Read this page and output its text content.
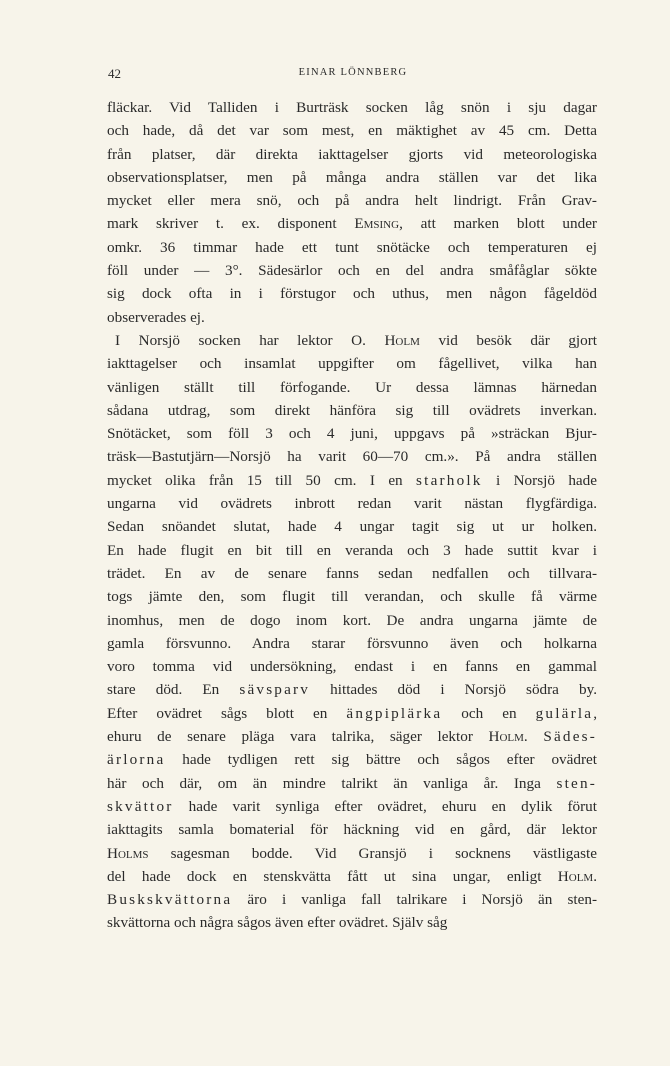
42	EINAR LÖNNBERG
fläckar. Vid Talliden i Burträsk socken låg snön i sju dagar
och hade, då det var som mest, en mäktighet av 45 cm. Detta
från platser, där direkta iakttagelser gjorts vid meteorologiska
observationsplatser, men på många andra ställen var det lika
mycket eller mera snö, och på andra helt lindrigt. Från Grav-
mark skriver t. ex. disponent Emsing, att marken blott under
omkr. 36 timmar hade ett tunt snötäcke och temperaturen ej
föll under — 3°. Sädesärlor och en del andra småfåglar sökte
sig dock ofta in i förstugor och uthus, men någon fågeldöd
observerades ej.
I Norsjö socken har lektor O. Holm vid besök där gjort
iakttagelser och insamlat uppgifter om fågellivet, vilka han
vänligen ställt till förfogande. Ur dessa lämnas härnedan
sådana utdrag, som direkt hänföra sig till ovädrets inverkan.
Snötäcket, som föll 3 och 4 juni, uppgavs på »sträckan Bjur-
träsk—Bastutjärn—Norsjö ha varit 60—70 cm.». På andra ställen
mycket olika från 15 till 50 cm. I en starholk i Norsjö hade
ungarna vid ovädrets inbrott redan varit nästan flygfärdiga.
Sedan snöandet slutat, hade 4 ungar tagit sig ut ur holken.
En hade flugit en bit till en veranda och 3 hade suttit kvar i
trädet. En av de senare fanns sedan nedfallen och tillvara-
togs jämte den, som flugit till verandan, och skulle få värme
inomhus, men de dogo inom kort. De andra ungarna jämte de
gamla försvunno. Andra starar försvunno även och holkarna
voro tomma vid undersökning, endast i en fanns en gammal
stare död. En sävsparv hittades död i Norsjö södra by.
Efter ovädret sågs blott en ängpiplärka och en gulärla,
ehuru de senare pläga vara talrika, säger lektor Holm. Sädes-
ärlorna hade tydligen rett sig bättre och sågos efter ovädret
här och där, om än mindre talrikt än vanliga år. Inga sten-
skvättor hade varit synliga efter ovädret, ehuru en dylik förut
iakttagits samla bomaterial för häckning vid en gård, där lektor
Holms sagesman bodde. Vid Gransjö i socknens västligaste
del hade dock en stenskvätta fått ut sina ungar, enligt Holm.
Buskskvättorna äro i vanliga fall talrikare i Norsjö än sten-
skvättorna och några sågos även efter ovädret. Själv såg
